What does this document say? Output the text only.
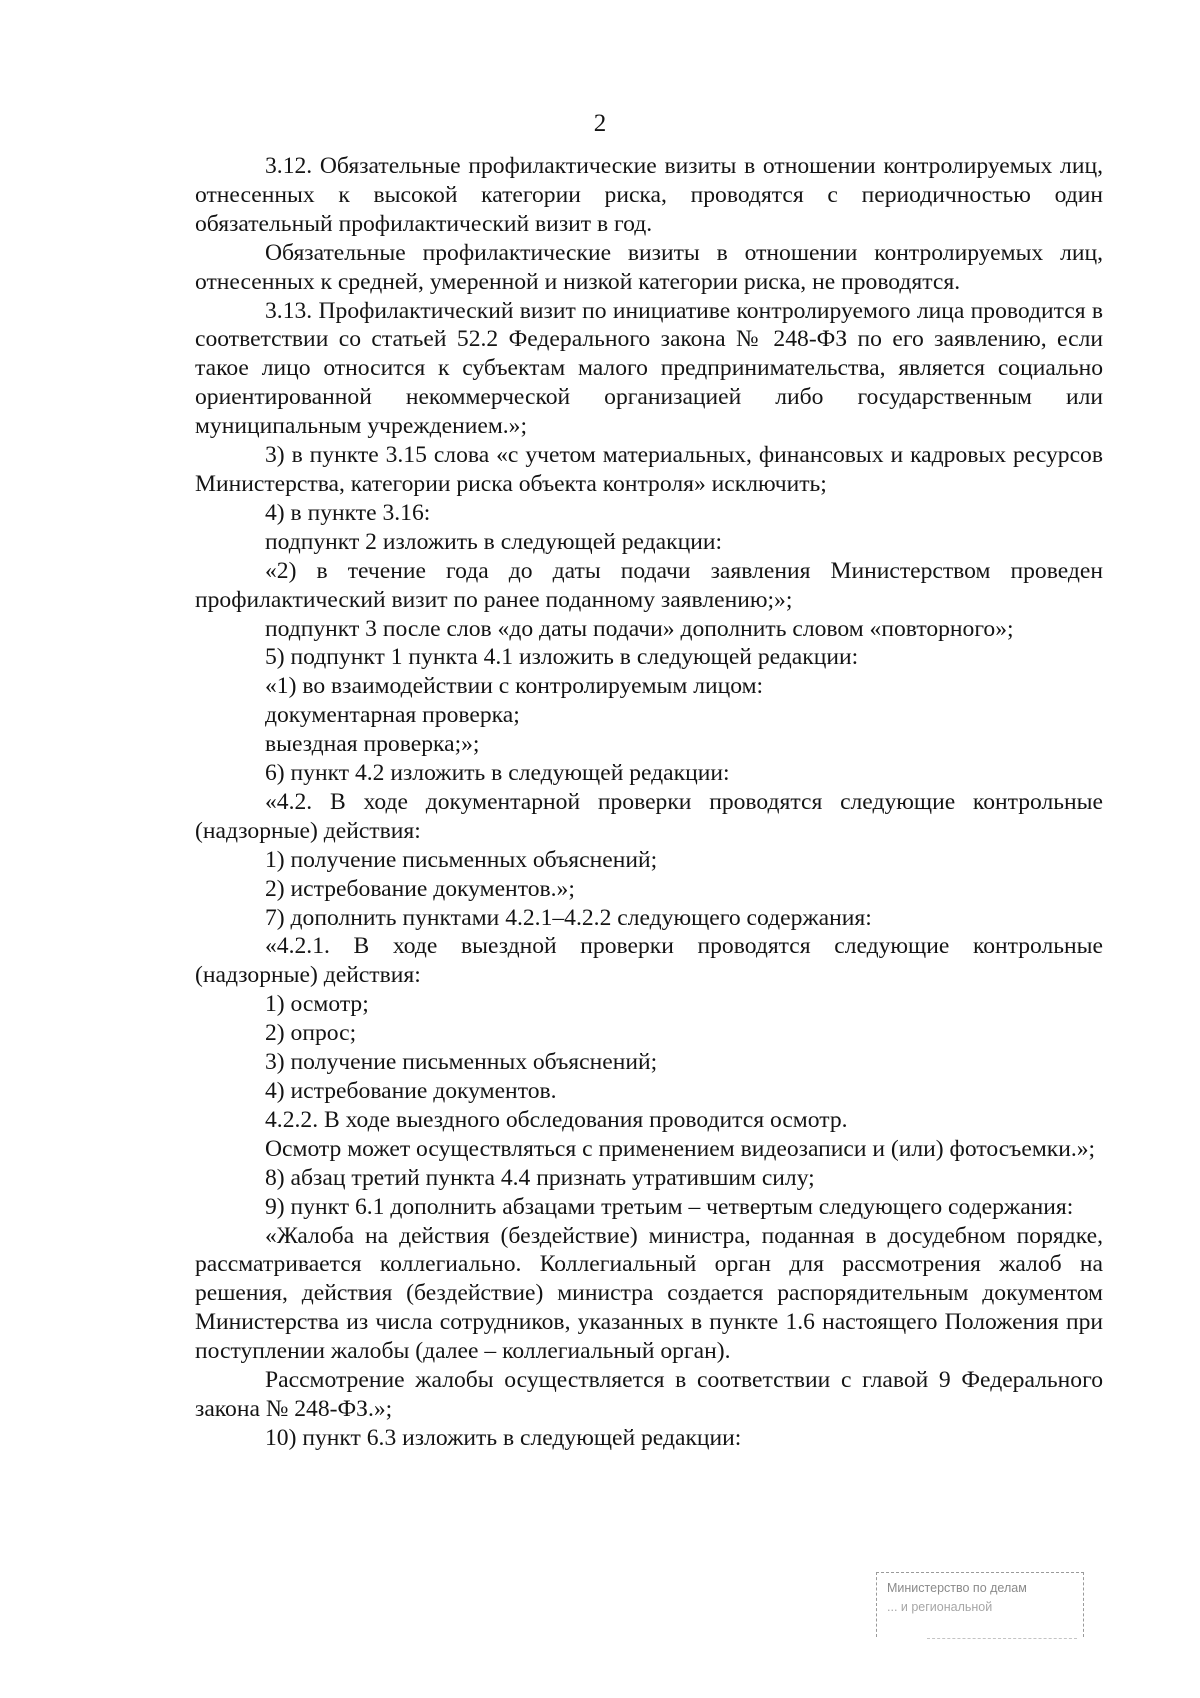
2

3.12. Обязательные профилактические визиты в отношении контролируемых лиц, отнесенных к высокой категории риска, проводятся с периодичностью один обязательный профилактический визит в год.

Обязательные профилактические визиты в отношении контролируемых лиц, отнесенных к средней, умеренной и низкой категории риска, не проводятся.

3.13. Профилактический визит по инициативе контролируемого лица проводится в соответствии со статьей 52.2 Федерального закона № 248-ФЗ по его заявлению, если такое лицо относится к субъектам малого предпринимательства, является социально ориентированной некоммерческой организацией либо государственным или муниципальным учреждением.»;

3) в пункте 3.15 слова «с учетом материальных, финансовых и кадровых ресурсов Министерства, категории риска объекта контроля» исключить;

4) в пункте 3.16:

подпункт 2 изложить в следующей редакции:

«2) в течение года до даты подачи заявления Министерством проведен профилактический визит по ранее поданному заявлению;»;

подпункт 3 после слов «до даты подачи» дополнить словом «повторного»;

5) подпункт 1 пункта 4.1 изложить в следующей редакции:

«1) во взаимодействии с контролируемым лицом:

документарная проверка;

выездная проверка;»;

6) пункт 4.2 изложить в следующей редакции:

«4.2. В ходе документарной проверки проводятся следующие контрольные (надзорные) действия:

1) получение письменных объяснений;

2) истребование документов.»;

7) дополнить пунктами 4.2.1–4.2.2 следующего содержания:

«4.2.1. В ходе выездной проверки проводятся следующие контрольные (надзорные) действия:

1) осмотр;

2) опрос;

3) получение письменных объяснений;

4) истребование документов.

4.2.2. В ходе выездного обследования проводится осмотр.

Осмотр может осуществляться с применением видеозаписи и (или) фотосъемки.»;

8) абзац третий пункта 4.4 признать утратившим силу;

9) пункт 6.1 дополнить абзацами третьим – четвертым следующего содержания:

«Жалоба на действия (бездействие) министра, поданная в досудебном порядке, рассматривается коллегиально. Коллегиальный орган для рассмотрения жалоб на решения, действия (бездействие) министра создается распорядительным документом Министерства из числа сотрудников, указанных в пункте 1.6 настоящего Положения при поступлении жалобы (далее – коллегиальный орган).

Рассмотрение жалобы осуществляется в соответствии с главой 9 Федерального закона № 248-ФЗ.»;

10) пункт 6.3 изложить в следующей редакции:

Министерство по делам
... и региональной
